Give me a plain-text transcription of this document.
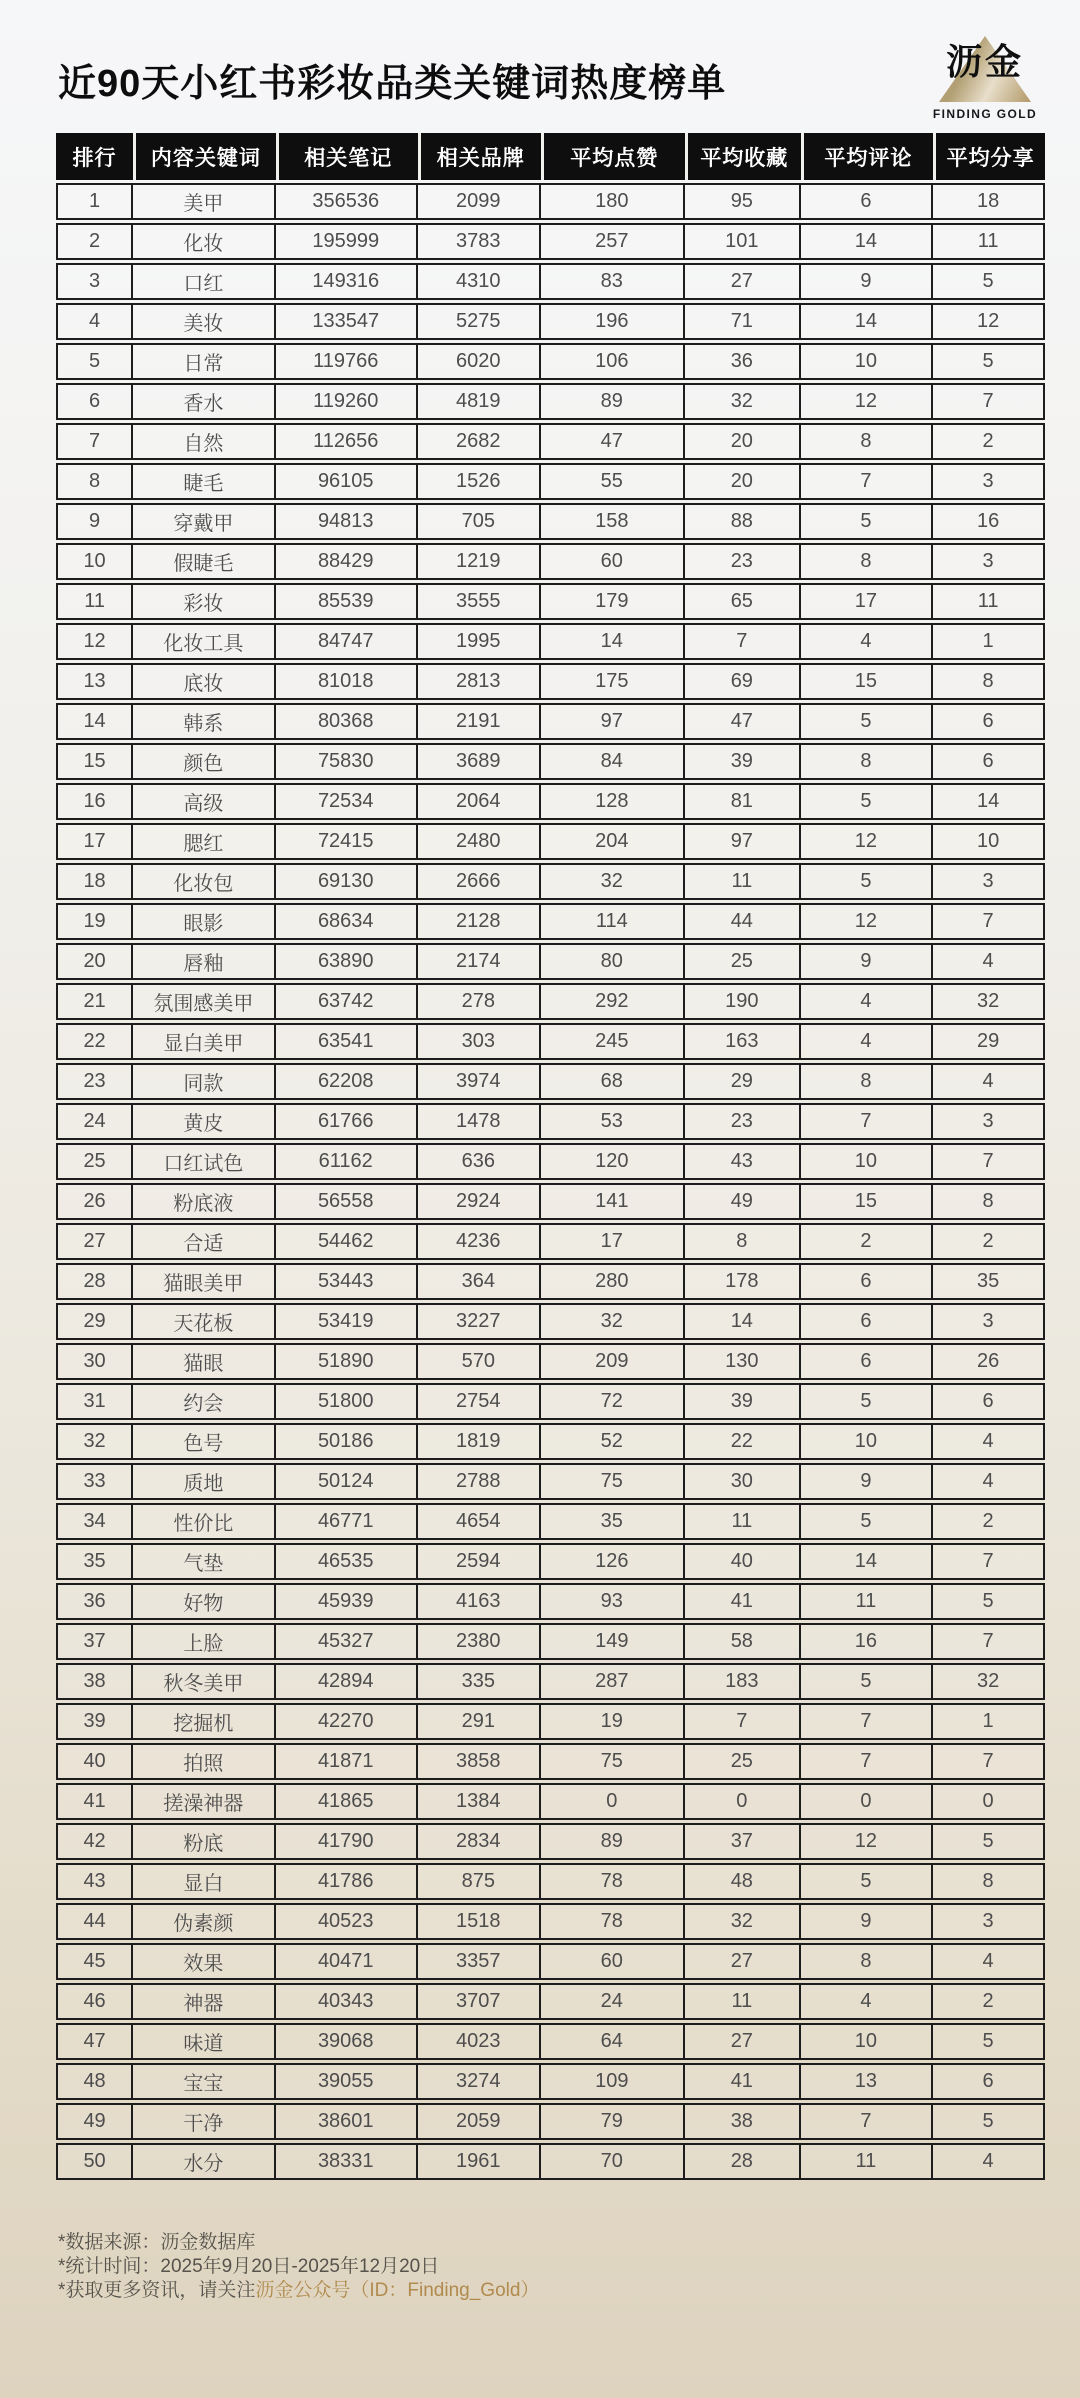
近90天小红书彩妆品类关键词热度榜单
沥金
FINDING GOLD
排行	内容关键词	相关笔记	相关品牌	平均点赞	平均收藏	平均评论	平均分享
1	美甲	356536	2099	180	95	6	18
2	化妆	195999	3783	257	101	14	11
3	口红	149316	4310	83	27	9	5
4	美妆	133547	5275	196	71	14	12
5	日常	119766	6020	106	36	10	5
6	香水	119260	4819	89	32	12	7
7	自然	112656	2682	47	20	8	2
8	睫毛	96105	1526	55	20	7	3
9	穿戴甲	94813	705	158	88	5	16
10	假睫毛	88429	1219	60	23	8	3
11	彩妆	85539	3555	179	65	17	11
12	化妆工具	84747	1995	14	7	4	1
13	底妆	81018	2813	175	69	15	8
14	韩系	80368	2191	97	47	5	6
15	颜色	75830	3689	84	39	8	6
16	高级	72534	2064	128	81	5	14
17	腮红	72415	2480	204	97	12	10
18	化妆包	69130	2666	32	11	5	3
19	眼影	68634	2128	114	44	12	7
20	唇釉	63890	2174	80	25	9	4
21	氛围感美甲	63742	278	292	190	4	32
22	显白美甲	63541	303	245	163	4	29
23	同款	62208	3974	68	29	8	4
24	黄皮	61766	1478	53	23	7	3
25	口红试色	61162	636	120	43	10	7
26	粉底液	56558	2924	141	49	15	8
27	合适	54462	4236	17	8	2	2
28	猫眼美甲	53443	364	280	178	6	35
29	天花板	53419	3227	32	14	6	3
30	猫眼	51890	570	209	130	6	26
31	约会	51800	2754	72	39	5	6
32	色号	50186	1819	52	22	10	4
33	质地	50124	2788	75	30	9	4
34	性价比	46771	4654	35	11	5	2
35	气垫	46535	2594	126	40	14	7
36	好物	45939	4163	93	41	11	5
37	上脸	45327	2380	149	58	16	7
38	秋冬美甲	42894	335	287	183	5	32
39	挖掘机	42270	291	19	7	7	1
40	拍照	41871	3858	75	25	7	7
41	搓澡神器	41865	1384	0	0	0	0
42	粉底	41790	2834	89	37	12	5
43	显白	41786	875	78	48	5	8
44	伪素颜	40523	1518	78	32	9	3
45	效果	40471	3357	60	27	8	4
46	神器	40343	3707	24	11	4	2
47	味道	39068	4023	64	27	10	5
48	宝宝	39055	3274	109	41	13	6
49	干净	38601	2059	79	38	7	5
50	水分	38331	1961	70	28	11	4

*数据来源：沥金数据库

*统计时间：2025年9月20日-2025年12月20日

*获取更多资讯，请关注沥金公众号（ID：Finding_Gold）
